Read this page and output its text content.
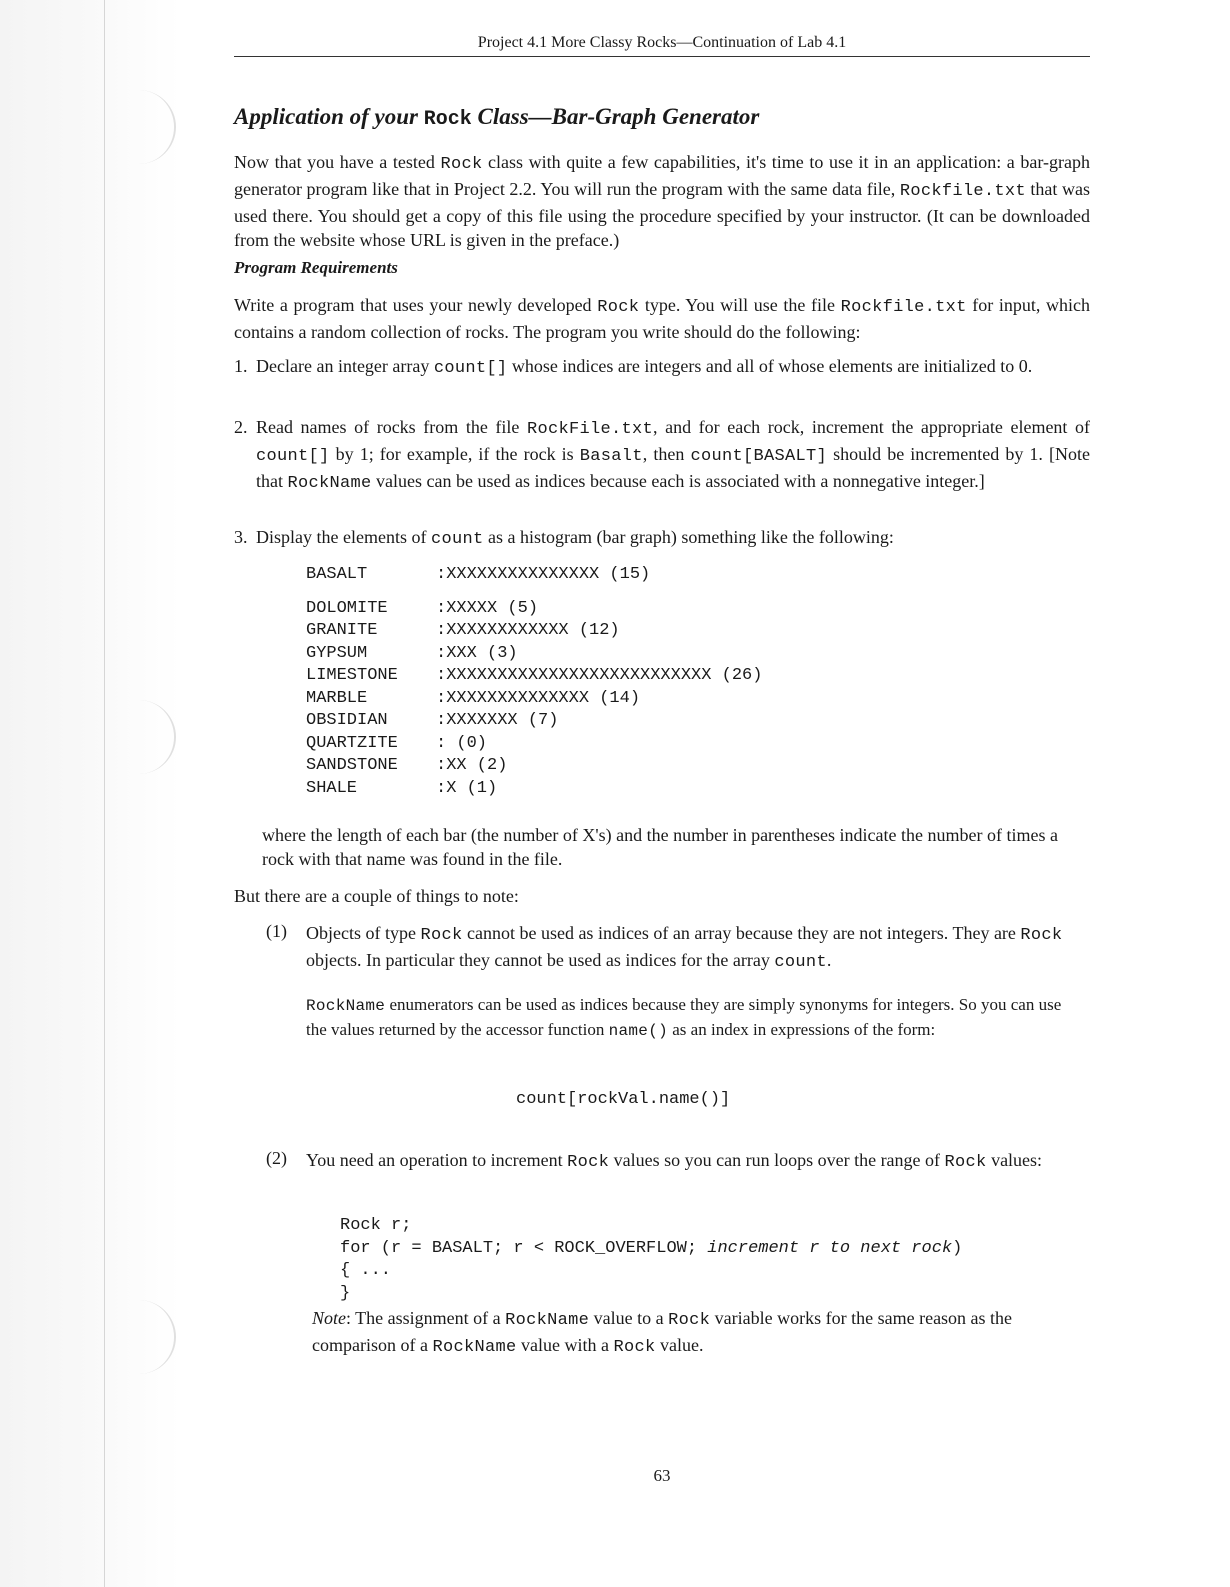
Project 4.1 More Classy Rocks—Continuation of Lab 4.1
Application of your Rock Class—Bar-Graph Generator

Now that you have a tested Rock class with quite a few capabilities, it's time to use it in an application: a bar-graph generator program like that in Project 2.2. You will run the program with the same data file, Rockfile.txt that was used there. You should get a copy of this file using the procedure specified by your instructor. (It can be downloaded from the website whose URL is given in the preface.)

Program Requirements

Write a program that uses your newly developed Rock type. You will use the file Rockfile.txt for input, which contains a random collection of rocks. The program you write should do the following:

1. Declare an integer array count[] whose indices are integers and all of whose elements are initialized to 0.
2. Read names of rocks from the file RockFile.txt, and for each rock, increment the appropriate element of count[] by 1; for example, if the rock is Basalt, then count[BASALT] should be incremented by 1. [Note that RockName values can be used as indices because each is associated with a nonnegative integer.]
3. Display the elements of count as a histogram (bar graph) something like the following:
BASALT	:XXXXXXXXXXXXXXX (15)
DOLOMITE	:XXXXX (5)
GRANITE	:XXXXXXXXXXXX (12)
GYPSUM	:XXX (3)
LIMESTONE :XXXXXXXXXXXXXXXXXXXXXXXXXX (26)
MARBLE	:XXXXXXXXXXXXXX (14)
OBSIDIAN	:XXXXXXX (7)
QUARTZITE : (0)
SANDSTONE :XX (2)
SHALE	:X (1)

where the length of each bar (the number of X's) and the number in parentheses indicate the number of times a rock with that name was found in the file.

But there are a couple of things to note:

(1) Objects of type Rock cannot be used as indices of an array because they are not integers. They are Rock objects. In particular they cannot be used as indices for the array count.

RockName enumerators can be used as indices because they are simply synonyms for integers. So you can use the values returned by the accessor function name() as an index in expressions of the form:

count[rockVal.name()]
(2) You need an operation to increment Rock values so you can run loops over the range of Rock values:

Rock r;
for (r = BASALT; r < ROCK_OVERFLOW; increment r to next rock)
{ ...
}

Note: The assignment of a RockName value to a Rock variable works for the same reason as the comparison of a RockName value with a Rock value.

63
